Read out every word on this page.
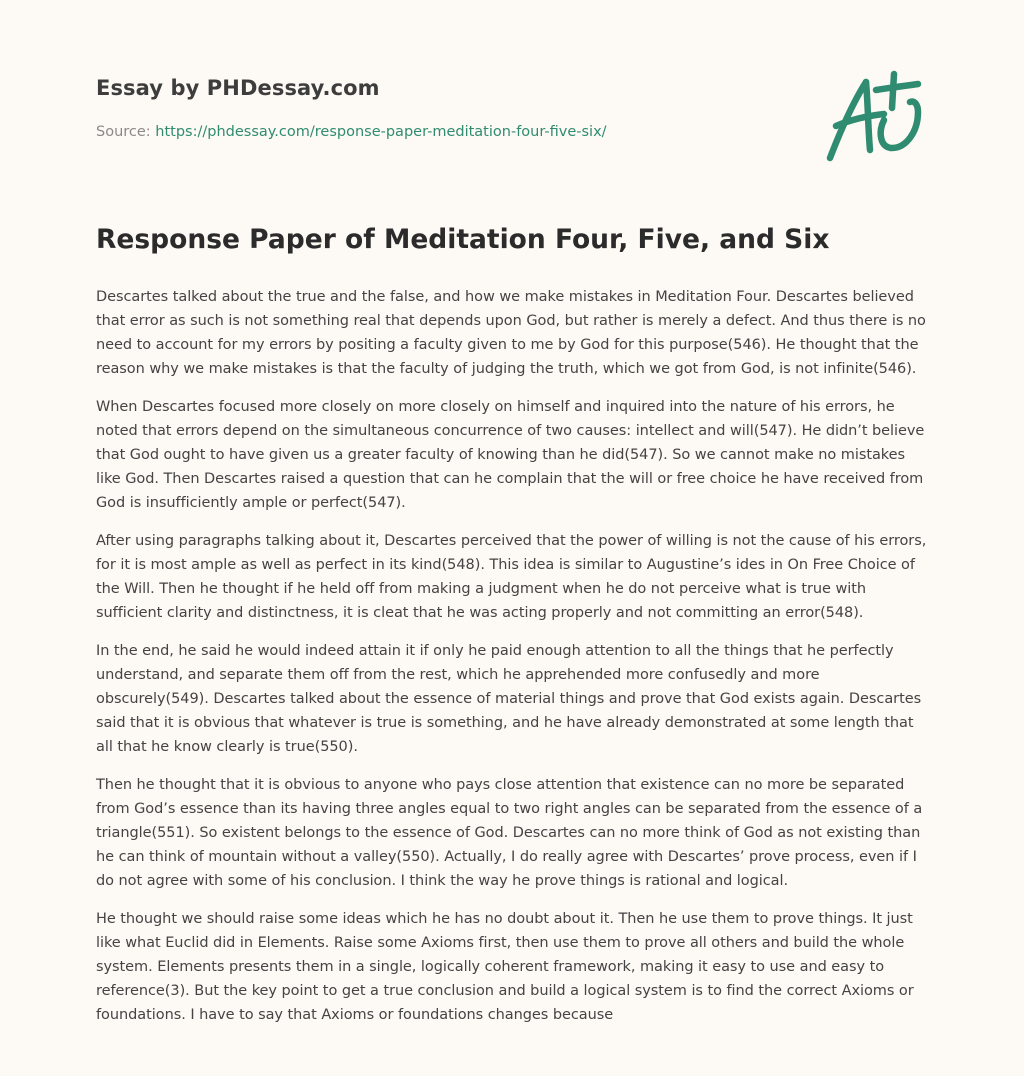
Essay by PHDessay.com
Source: https://phdessay.com/response-paper-meditation-four-five-six/
Response Paper of Meditation Four, Five, and Six

Descartes talked about the true and the false, and how we make mistakes in Meditation Four. Descartes believed that error as such is not something real that depends upon God, but rather is merely a defect. And thus there is no need to account for my errors by positing a faculty given to me by God for this purpose(546). He thought that the reason why we make mistakes is that the faculty of judging the truth, which we got from God, is not infinite(546).

When Descartes focused more closely on more closely on himself and inquired into the nature of his errors, he noted that errors depend on the simultaneous concurrence of two causes: intellect and will(547). He didn’t believe that God ought to have given us a greater faculty of knowing than he did(547). So we cannot make no mistakes like God. Then Descartes raised a question that can he complain that the will or free choice he have received from God is insufficiently ample or perfect(547).

After using paragraphs talking about it, Descartes perceived that the power of willing is not the cause of his errors, for it is most ample as well as perfect in its kind(548). This idea is similar to Augustine’s ides in On Free Choice of the Will. Then he thought if he held off from making a judgment when he do not perceive what is true with sufficient clarity and distinctness, it is cleat that he was acting properly and not committing an error(548).

In the end, he said he would indeed attain it if only he paid enough attention to all the things that he perfectly understand, and separate them off from the rest, which he apprehended more confusedly and more obscurely(549). Descartes talked about the essence of material things and prove that God exists again. Descartes said that it is obvious that whatever is true is something, and he have already demonstrated at some length that all that he know clearly is true(550).

Then he thought that it is obvious to anyone who pays close attention that existence can no more be separated from God’s essence than its having three angles equal to two right angles can be separated from the essence of a triangle(551). So existent belongs to the essence of God. Descartes can no more think of God as not existing than he can think of mountain without a valley(550). Actually, I do really agree with Descartes’ prove process, even if I do not agree with some of his conclusion. I think the way he prove things is rational and logical.

He thought we should raise some ideas which he has no doubt about it. Then he use them to prove things. It just like what Euclid did in Elements. Raise some Axioms first, then use them to prove all others and build the whole system. Elements presents them in a single, logically coherent framework, making it easy to use and easy to reference(3). But the key point to get a true conclusion and build a logical system is to find the correct Axioms or foundations. I have to say that Axioms or foundations changes because
